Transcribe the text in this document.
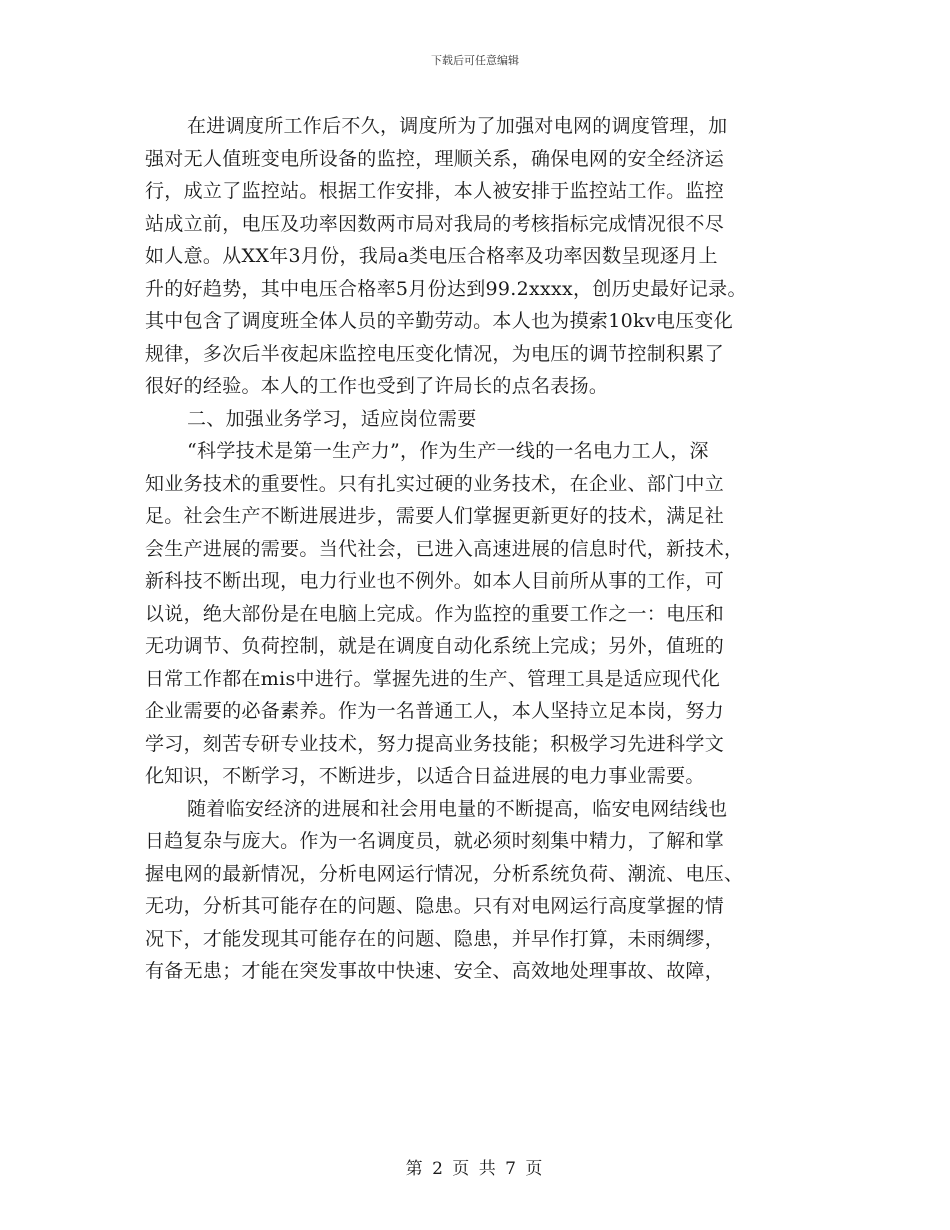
下载后可任意编辑
在进调度所工作后不久，调度所为了加强对电网的调度管理，加
强对无人值班变电所设备的监控，理顺关系，确保电网的安全经济运
行，成立了监控站。根据工作安排，本人被安排于监控站工作。监控
站成立前，电压及功率因数两市局对我局的考核指标完成情况很不尽
如人意。从XX年3月份，我局a类电压合格率及功率因数呈现逐月上
升的好趋势，其中电压合格率5月份达到99.2xxxx，创历史最好记录。
其中包含了调度班全体人员的辛勤劳动。本人也为摸索10kv电压变化
规律，多次后半夜起床监控电压变化情况，为电压的调节控制积累了
很好的经验。本人的工作也受到了许局长的点名表扬。
二、加强业务学习，适应岗位需要
“科学技术是第一生产力”，作为生产一线的一名电力工人，深
知业务技术的重要性。只有扎实过硬的业务技术，在企业、部门中立
足。社会生产不断进展进步，需要人们掌握更新更好的技术，满足社
会生产进展的需要。当代社会，已进入高速进展的信息时代，新技术，
新科技不断出现，电力行业也不例外。如本人目前所从事的工作，可
以说，绝大部份是在电脑上完成。作为监控的重要工作之一：电压和
无功调节、负荷控制，就是在调度自动化系统上完成；另外，值班的
日常工作都在mis中进行。掌握先进的生产、管理工具是适应现代化
企业需要的必备素养。作为一名普通工人，本人坚持立足本岗，努力
学习，刻苦专研专业技术，努力提高业务技能；积极学习先进科学文
化知识，不断学习，不断进步，以适合日益进展的电力事业需要。
随着临安经济的进展和社会用电量的不断提高，临安电网结线也
日趋复杂与庞大。作为一名调度员，就必须时刻集中精力，了解和掌
握电网的最新情况，分析电网运行情况，分析系统负荷、潮流、电压、
无功，分析其可能存在的问题、隐患。只有对电网运行高度掌握的情
况下，才能发现其可能存在的问题、隐患，并早作打算，未雨绸缪，
有备无患；才能在突发事故中快速、安全、高效地处理事故、故障，
第 2 页 共 7 页
